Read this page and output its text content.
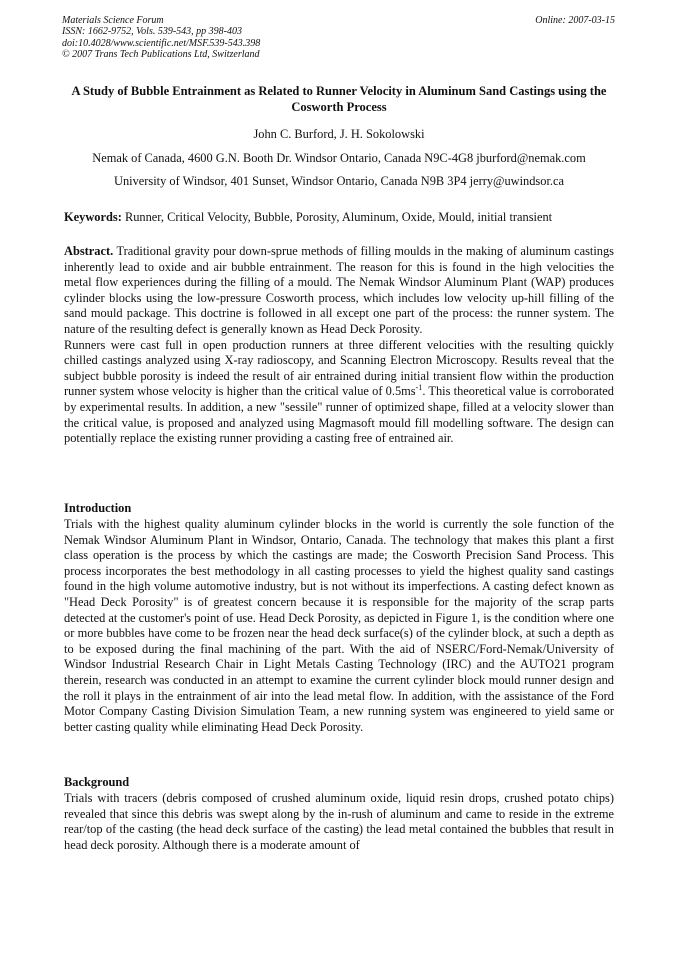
Materials Science Forum
ISSN: 1662-9752, Vols. 539-543, pp 398-403
doi:10.4028/www.scientific.net/MSF.539-543.398
© 2007 Trans Tech Publications Ltd, Switzerland
Online: 2007-03-15
A Study of Bubble Entrainment as Related to Runner Velocity in Aluminum Sand Castings using the Cosworth Process
John C. Burford, J. H. Sokolowski
Nemak of Canada, 4600 G.N. Booth Dr. Windsor Ontario, Canada N9C-4G8 jburford@nemak.com
University of Windsor, 401 Sunset, Windsor Ontario, Canada N9B 3P4 jerry@uwindsor.ca
Keywords: Runner, Critical Velocity, Bubble, Porosity, Aluminum, Oxide, Mould, initial transient

Abstract. Traditional gravity pour down-sprue methods of filling moulds in the making of aluminum castings inherently lead to oxide and air bubble entrainment. The reason for this is found in the high velocities the metal flow experiences during the filling of a mould. The Nemak Windsor Aluminum Plant (WAP) produces cylinder blocks using the low-pressure Cosworth process, which includes low velocity up-hill filling of the sand mould package. This doctrine is followed in all except one part of the process: the runner system. The nature of the resulting defect is generally known as Head Deck Porosity.

Runners were cast full in open production runners at three different velocities with the resulting quickly chilled castings analyzed using X-ray radioscopy, and Scanning Electron Microscopy. Results reveal that the subject bubble porosity is indeed the result of air entrained during initial transient flow within the production runner system whose velocity is higher than the critical value of $0.5ms^{-1}$. This theoretical value is corroborated by experimental results. In addition, a new "sessile" runner of optimized shape, filled at a velocity slower than the critical value, is proposed and analyzed using Magmasoft mould fill modelling software. The design can potentially replace the existing runner providing a casting free of entrained air.

Introduction
Trials with the highest quality aluminum cylinder blocks in the world is currently the sole function of the Nemak Windsor Aluminum Plant in Windsor, Ontario, Canada. The technology that makes this plant a first class operation is the process by which the castings are made; the Cosworth Precision Sand Process. This process incorporates the best methodology in all casting processes to yield the highest quality sand castings found in the high volume automotive industry, but is not without its imperfections. A casting defect known as "Head Deck Porosity" is of greatest concern because it is responsible for the majority of the scrap parts detected at the customer's point of use. Head Deck Porosity, as depicted in Figure 1, is the condition where one or more bubbles have come to be frozen near the head deck surface(s) of the cylinder block, at such a depth as to be exposed during the final machining of the part. With the aid of NSERC/Ford-Nemak/University of Windsor Industrial Research Chair in Light Metals Casting Technology (IRC) and the AUTO21 program therein, research was conducted in an attempt to examine the current cylinder block mould runner design and the roll it plays in the entrainment of air into the lead metal flow. In addition, with the assistance of the Ford Motor Company Casting Division Simulation Team, a new running system was engineered to yield same or better casting quality while eliminating Head Deck Porosity.
Background
Trials with tracers (debris composed of crushed aluminum oxide, liquid resin drops, crushed potato chips) revealed that since this debris was swept along by the in-rush of aluminum and came to reside in the extreme rear/top of the casting (the head deck surface of the casting) the lead metal contained the bubbles that result in head deck porosity. Although there is a moderate amount of
